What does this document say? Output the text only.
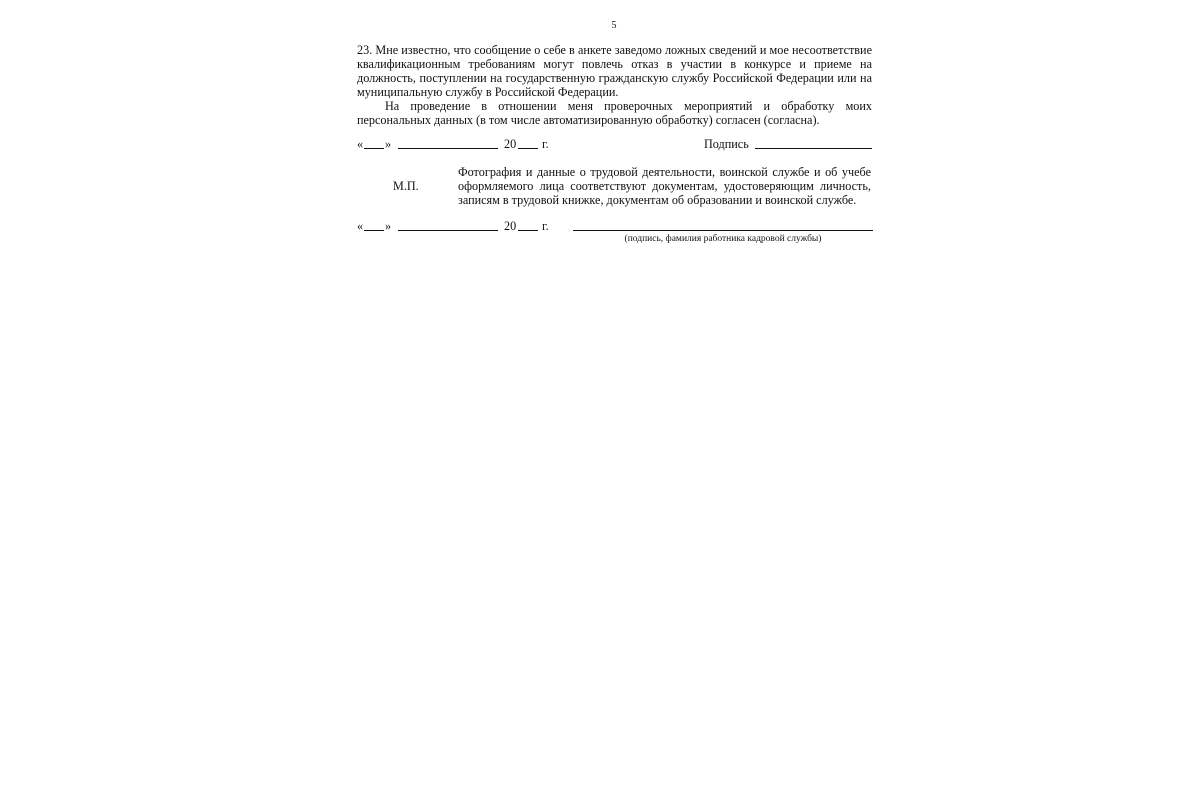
5

23. Мне известно, что сообщение о себе в анкете заведомо ложных сведений и мое несоответствие квалификационным требованиям могут повлечь отказ в участии в конкурсе и приеме на должность, поступлении на государственную гражданскую службу Российской Федерации или на муниципальную службу в Российской Федерации.

На проведение в отношении меня проверочных мероприятий и обработку моих персональных данных (в том числе автоматизированную обработку) согласен (согласна).

« »	20 г.	Подпись
М.П.
Фотография и данные о трудовой деятельности, воинской службе и об учебе оформляемого лица соответствуют документам, удостоверяющим личность, записям в трудовой книжке, документам об образовании и воинской службе.
« »	20 г.
(подпись, фамилия работника кадровой службы)
